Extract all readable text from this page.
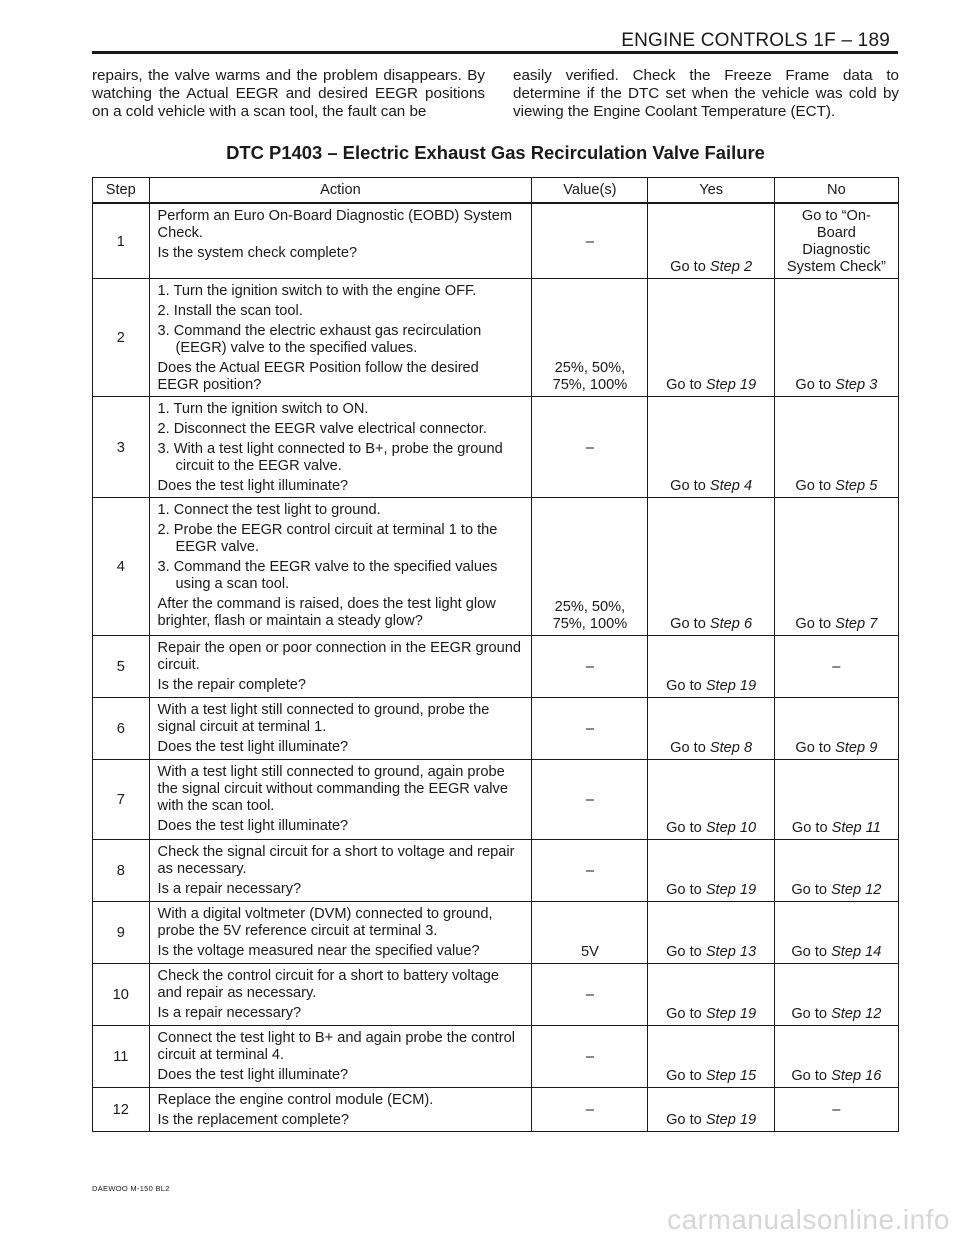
ENGINE CONTROLS 1F – 189

repairs, the valve warms and the problem disappears. By watching the Actual EEGR and desired EEGR positions on a cold vehicle with a scan tool, the fault can be

easily verified. Check the Freeze Frame data to determine if the DTC set when the vehicle was cold by viewing the Engine Coolant Temperature (ECT).

DTC P1403 – Electric Exhaust Gas Recirculation Valve Failure
Step	Action	Value(s)	Yes	No
1	Perform an Euro On-Board Diagnostic (EOBD) System Check.
Is the system check complete?	–	Go to Step 2	Go to “On-Board Diagnostic System Check”
2	1. Turn the ignition switch to with the engine OFF.
2. Install the scan tool.
3. Command the electric exhaust gas recirculation (EEGR) valve to the specified values.
Does the Actual EEGR Position follow the desired EEGR position?	25%, 50%, 75%, 100%	Go to Step 19	Go to Step 3
3	1. Turn the ignition switch to ON.
2. Disconnect the EEGR valve electrical connector.
3. With a test light connected to B+, probe the ground circuit to the EEGR valve.
Does the test light illuminate?	–	Go to Step 4	Go to Step 5
4	1. Connect the test light to ground.
2. Probe the EEGR control circuit at terminal 1 to the EEGR valve.
3. Command the EEGR valve to the specified values using a scan tool.
After the command is raised, does the test light glow brighter, flash or maintain a steady glow?	25%, 50%, 75%, 100%	Go to Step 6	Go to Step 7
5	Repair the open or poor connection in the EEGR ground circuit.
Is the repair complete?	–	Go to Step 19	–
6	With a test light still connected to ground, probe the signal circuit at terminal 1.
Does the test light illuminate?	–	Go to Step 8	Go to Step 9
7	With a test light still connected to ground, again probe the signal circuit without commanding the EEGR valve with the scan tool.
Does the test light illuminate?	–	Go to Step 10	Go to Step 11
8	Check the signal circuit for a short to voltage and repair as necessary.
Is a repair necessary?	–	Go to Step 19	Go to Step 12
9	With a digital voltmeter (DVM) connected to ground, probe the 5V reference circuit at terminal 3.
Is the voltage measured near the specified value?	5V	Go to Step 13	Go to Step 14
10	Check the control circuit for a short to battery voltage and repair as necessary.
Is a repair necessary?	–	Go to Step 19	Go to Step 12
11	Connect the test light to B+ and again probe the control circuit at terminal 4.
Does the test light illuminate?	–	Go to Step 15	Go to Step 16
12	Replace the engine control module (ECM).
Is the replacement complete?	–	Go to Step 19	–
DAEWOO M-150 BL2
carmanualsonline.info
